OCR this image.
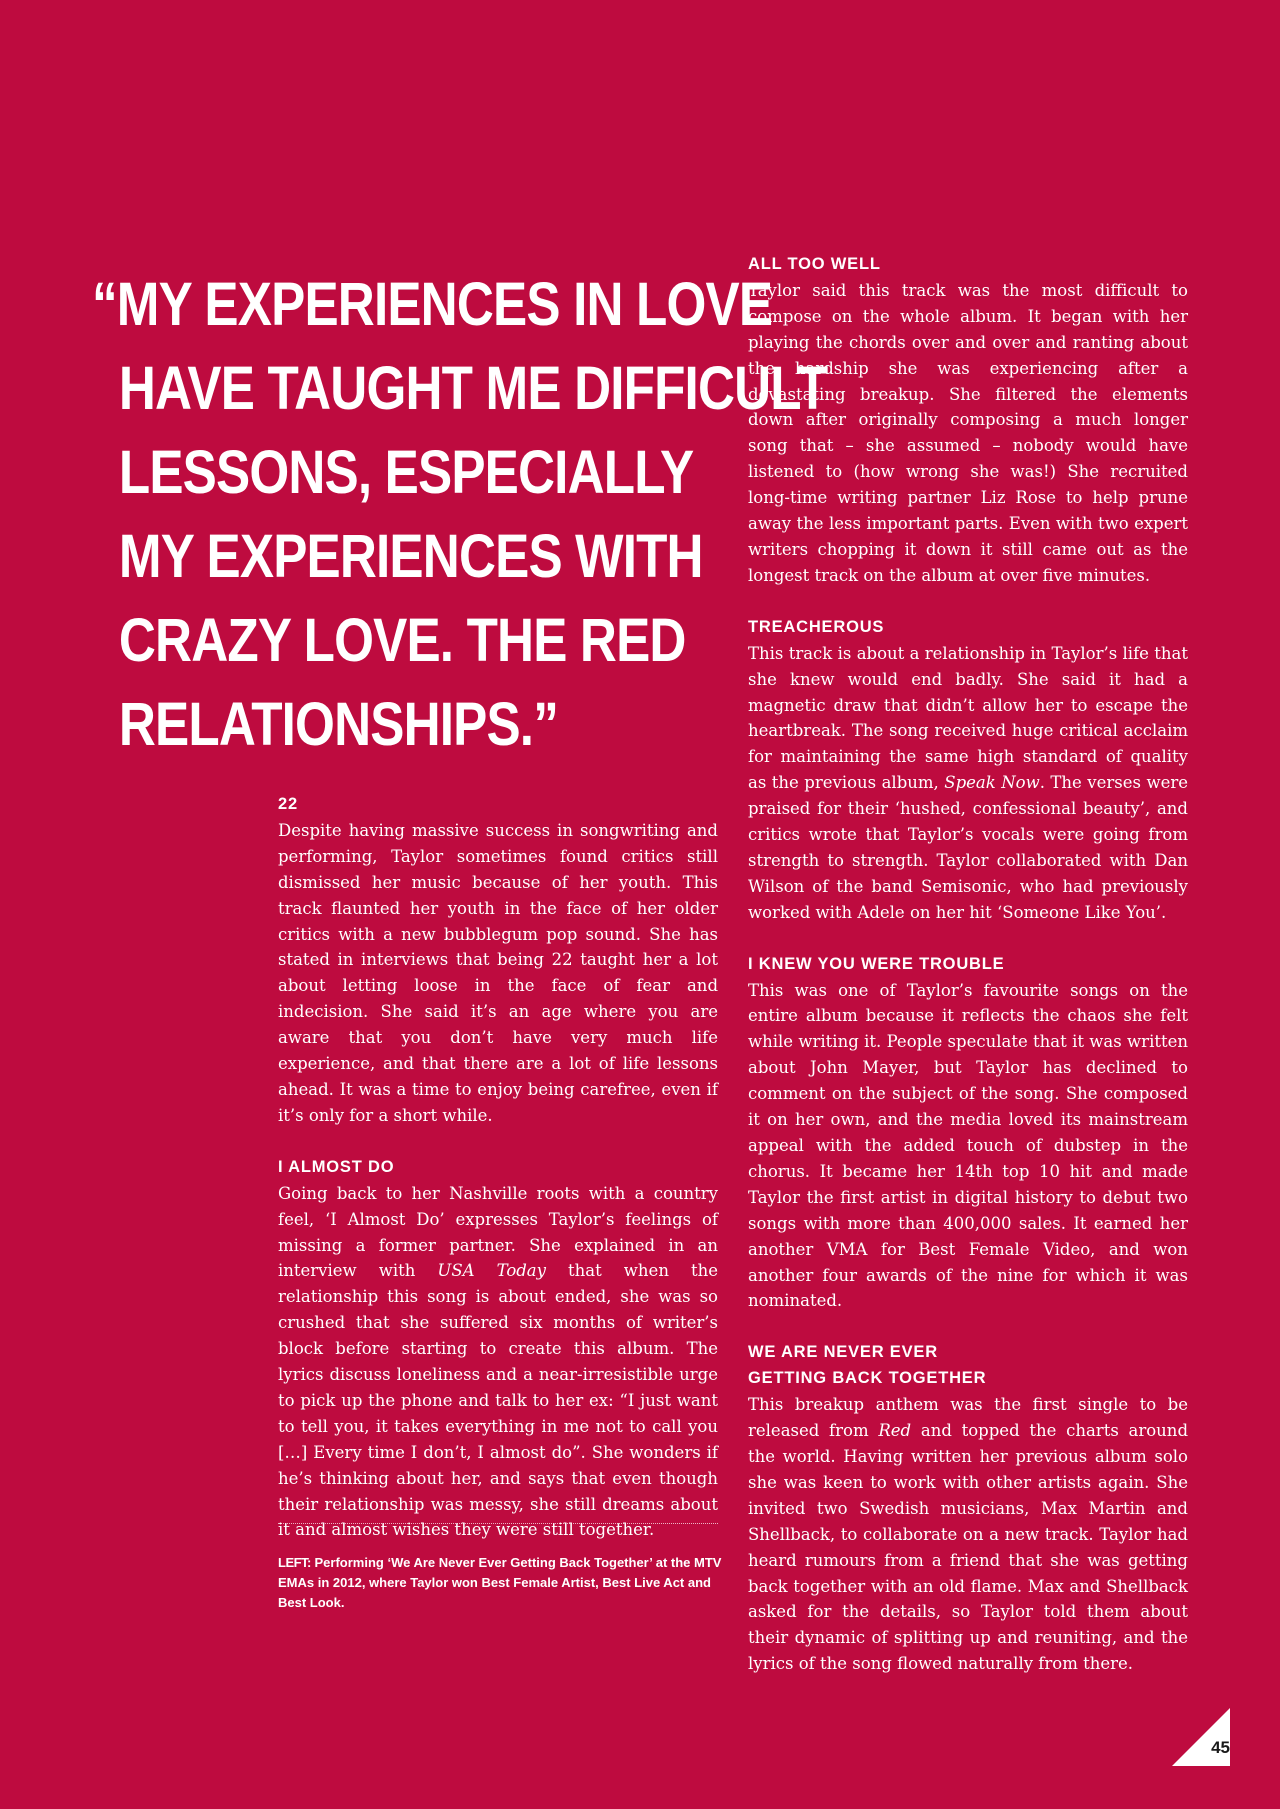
“MY EXPERIENCES IN LOVE
HAVE TAUGHT ME DIFFICULT
LESSONS, ESPECIALLY
MY EXPERIENCES WITH
CRAZY LOVE. THE RED
RELATIONSHIPS.”
22

Despite having massive success in songwriting and performing, Taylor sometimes found critics still dismissed her music because of her youth. This track flaunted her youth in the face of her older critics with a new bubblegum pop sound. She has stated in interviews that being 22 taught her a lot about letting loose in the face of fear and indecision. She said it’s an age where you are aware that you don’t have very much life experience, and that there are a lot of life lessons ahead. It was a time to enjoy being carefree, even if it’s only for a short while.

I ALMOST DO

Going back to her Nashville roots with a country feel, ‘I Almost Do’ expresses Taylor’s feelings of missing a former partner. She explained in an interview with USA Today that when the relationship this song is about ended, she was so crushed that she suffered six months of writer’s block before starting to create this album. The lyrics discuss loneliness and a near-irresistible urge to pick up the phone and talk to her ex: “I just want to tell you, it takes everything in me not to call you […] Every time I don’t, I almost do”. She wonders if he’s thinking about her, and says that even though their relationship was messy, she still dreams about it and almost wishes they were still together.

ALL TOO WELL

Taylor said this track was the most difficult to compose on the whole album. It began with her playing the chords over and over and ranting about the hardship she was experiencing after a devastating breakup. She filtered the elements down after originally composing a much longer song that – she assumed – nobody would have listened to (how wrong she was!) She recruited long-time writing partner Liz Rose to help prune away the less important parts. Even with two expert writers chopping it down it still came out as the longest track on the album at over five minutes.

TREACHEROUS

This track is about a relationship in Taylor’s life that she knew would end badly. She said it had a magnetic draw that didn’t allow her to escape the heartbreak. The song received huge critical acclaim for maintaining the same high standard of quality as the previous album, Speak Now. The verses were praised for their ‘hushed, confessional beauty’, and critics wrote that Taylor’s vocals were going from strength to strength. Taylor collaborated with Dan Wilson of the band Semisonic, who had previously worked with Adele on her hit ‘Someone Like You’.

I KNEW YOU WERE TROUBLE

This was one of Taylor’s favourite songs on the entire album because it reflects the chaos she felt while writing it. People speculate that it was written about John Mayer, but Taylor has declined to comment on the subject of the song. She composed it on her own, and the media loved its mainstream appeal with the added touch of dubstep in the chorus. It became her 14th top 10 hit and made Taylor the first artist in digital history to debut two songs with more than 400,000 sales. It earned her another VMA for Best Female Video, and won another four awards of the nine for which it was nominated.

WE ARE NEVER EVER
GETTING BACK TOGETHER

This breakup anthem was the first single to be released from Red and topped the charts around the world. Having written her previous album solo she was keen to work with other artists again. She invited two Swedish musicians, Max Martin and Shellback, to collaborate on a new track. Taylor had heard rumours from a friend that she was getting back together with an old flame. Max and Shellback asked for the details, so Taylor told them about their dynamic of splitting up and reuniting, and the lyrics of the song flowed naturally from there.

LEFT: Performing ‘We Are Never Ever Getting Back Together’ at the MTV EMAs in 2012, where Taylor won Best Female Artist, Best Live Act and Best Look.
45
